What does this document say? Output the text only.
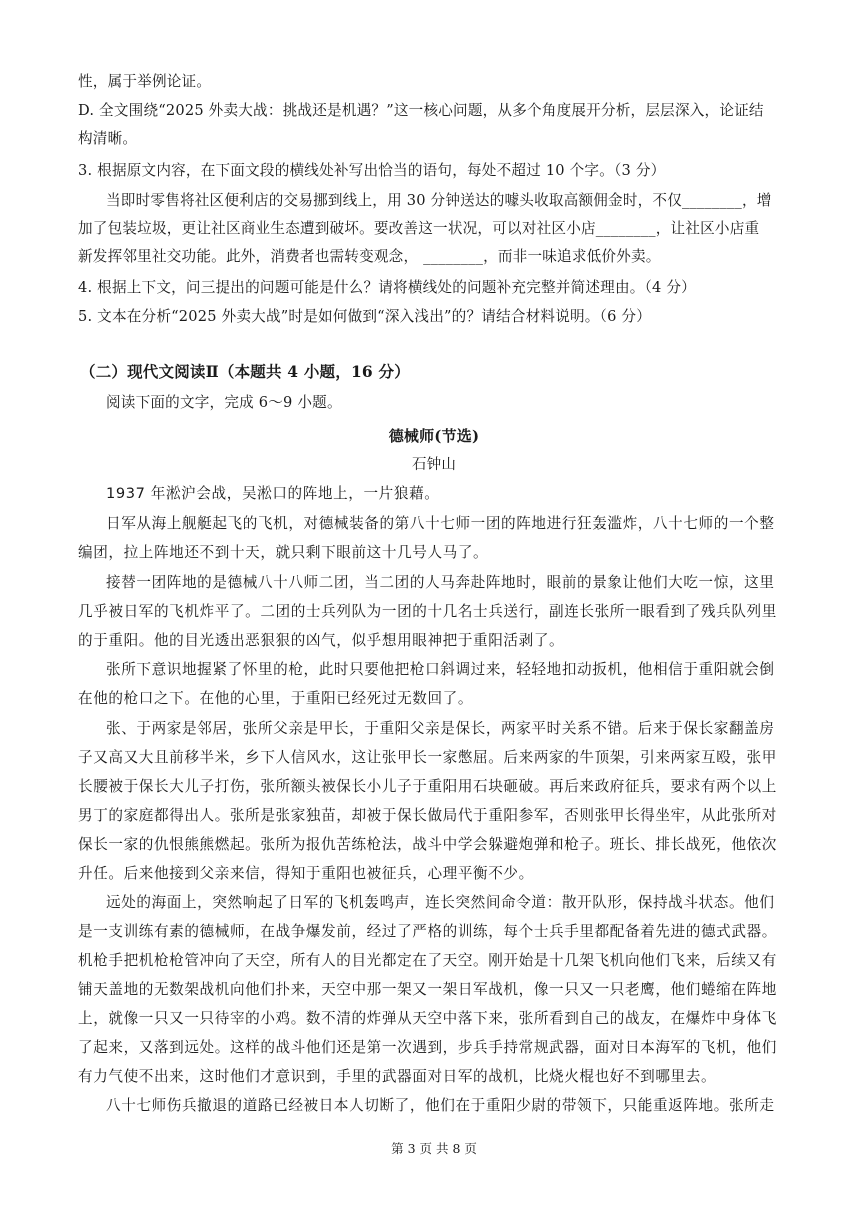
性，属于举例论证。

D. 全文围绕“2025 外卖大战：挑战还是机遇？”这一核心问题，从多个角度展开分析，层层深入，论证结

构清晰。

3. 根据原文内容，在下面文段的横线处补写出恰当的语句，每处不超过 10 个字。（3 分）

当即时零售将社区便利店的交易挪到线上，用 30 分钟送达的噱头收取高额佣金时，不仅________，增

加了包装垃圾，更让社区商业生态遭到破坏。要改善这一状况，可以对社区小店________，让社区小店重

新发挥邻里社交功能。此外，消费者也需转变观念， ________，而非一味追求低价外卖。

4. 根据上下文，问三提出的问题可能是什么？请将横线处的问题补充完整并简述理由。（4 分）

5. 文本在分析“2025 外卖大战”时是如何做到“深入浅出”的？请结合材料说明。（6 分）

（二）现代文阅读Ⅱ（本题共 4 小题，16 分）

阅读下面的文字，完成 6～9 小题。

德械师(节选)

石钟山

1937 年淞沪会战，吴淞口的阵地上，一片狼藉。

日军从海上舰艇起飞的飞机，对德械装备的第八十七师一团的阵地进行狂轰滥炸，八十七师的一个整

编团，拉上阵地还不到十天，就只剩下眼前这十几号人马了。

接替一团阵地的是德械八十八师二团，当二团的人马奔赴阵地时，眼前的景象让他们大吃一惊，这里

几乎被日军的飞机炸平了。二团的士兵列队为一团的十几名士兵送行，副连长张所一眼看到了残兵队列里

的于重阳。他的目光透出恶狠狠的凶气，似乎想用眼神把于重阳活剥了。

张所下意识地握紧了怀里的枪，此时只要他把枪口斜调过来，轻轻地扣动扳机，他相信于重阳就会倒

在他的枪口之下。在他的心里，于重阳已经死过无数回了。

张、于两家是邻居，张所父亲是甲长，于重阳父亲是保长，两家平时关系不错。后来于保长家翻盖房

子又高又大且前移半米，乡下人信风水，这让张甲长一家憋屈。后来两家的牛顶架，引来两家互殴，张甲

长腰被于保长大儿子打伤，张所额头被保长小儿子于重阳用石块砸破。再后来政府征兵，要求有两个以上

男丁的家庭都得出人。张所是张家独苗，却被于保长做局代于重阳参军，否则张甲长得坐牢，从此张所对

保长一家的仇恨熊熊燃起。张所为报仇苦练枪法，战斗中学会躲避炮弹和枪子。班长、排长战死，他依次

升任。后来他接到父亲来信，得知于重阳也被征兵，心理平衡不少。

远处的海面上，突然响起了日军的飞机轰鸣声，连长突然间命令道：散开队形，保持战斗状态。他们

是一支训练有素的德械师，在战争爆发前，经过了严格的训练，每个士兵手里都配备着先进的德式武器。

机枪手把机枪枪管冲向了天空，所有人的目光都定在了天空。刚开始是十几架飞机向他们飞来，后续又有

铺天盖地的无数架战机向他们扑来，天空中那一架又一架日军战机，像一只又一只老鹰，他们蜷缩在阵地

上，就像一只又一只待宰的小鸡。数不清的炸弹从天空中落下来，张所看到自己的战友，在爆炸中身体飞

了起来，又落到远处。这样的战斗他们还是第一次遇到，步兵手持常规武器，面对日本海军的飞机，他们

有力气使不出来，这时他们才意识到，手里的武器面对日军的战机，比烧火棍也好不到哪里去。

八十七师伤兵撤退的道路已经被日本人切断了，他们在于重阳少尉的带领下，只能重返阵地。张所走

第 3 页 共 8 页
